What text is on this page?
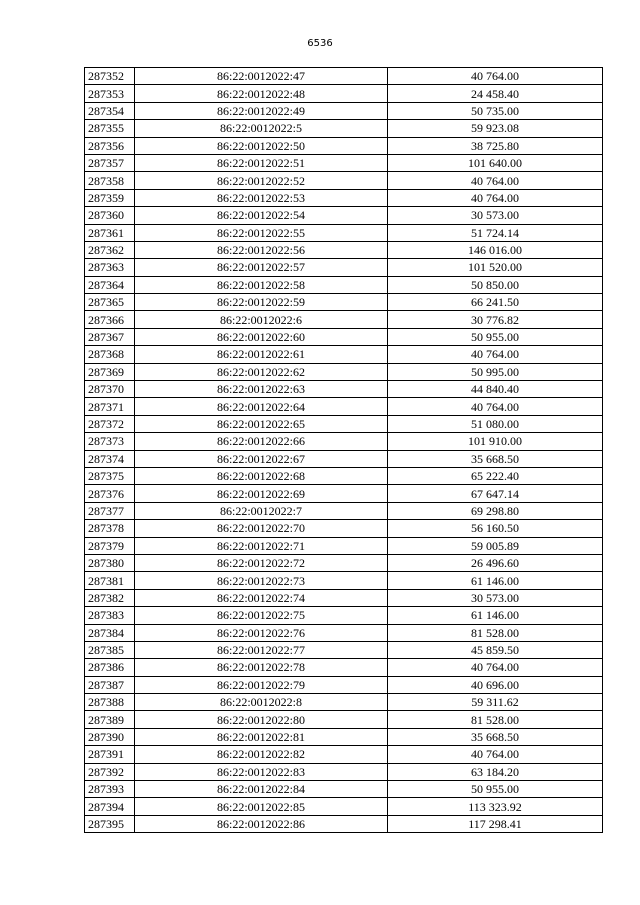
6536
287352	86:22:0012022:47	40 764.00
287353	86:22:0012022:48	24 458.40
287354	86:22:0012022:49	50 735.00
287355	86:22:0012022:5	59 923.08
287356	86:22:0012022:50	38 725.80
287357	86:22:0012022:51	101 640.00
287358	86:22:0012022:52	40 764.00
287359	86:22:0012022:53	40 764.00
287360	86:22:0012022:54	30 573.00
287361	86:22:0012022:55	51 724.14
287362	86:22:0012022:56	146 016.00
287363	86:22:0012022:57	101 520.00
287364	86:22:0012022:58	50 850.00
287365	86:22:0012022:59	66 241.50
287366	86:22:0012022:6	30 776.82
287367	86:22:0012022:60	50 955.00
287368	86:22:0012022:61	40 764.00
287369	86:22:0012022:62	50 995.00
287370	86:22:0012022:63	44 840.40
287371	86:22:0012022:64	40 764.00
287372	86:22:0012022:65	51 080.00
287373	86:22:0012022:66	101 910.00
287374	86:22:0012022:67	35 668.50
287375	86:22:0012022:68	65 222.40
287376	86:22:0012022:69	67 647.14
287377	86:22:0012022:7	69 298.80
287378	86:22:0012022:70	56 160.50
287379	86:22:0012022:71	59 005.89
287380	86:22:0012022:72	26 496.60
287381	86:22:0012022:73	61 146.00
287382	86:22:0012022:74	30 573.00
287383	86:22:0012022:75	61 146.00
287384	86:22:0012022:76	81 528.00
287385	86:22:0012022:77	45 859.50
287386	86:22:0012022:78	40 764.00
287387	86:22:0012022:79	40 696.00
287388	86:22:0012022:8	59 311.62
287389	86:22:0012022:80	81 528.00
287390	86:22:0012022:81	35 668.50
287391	86:22:0012022:82	40 764.00
287392	86:22:0012022:83	63 184.20
287393	86:22:0012022:84	50 955.00
287394	86:22:0012022:85	113 323.92
287395	86:22:0012022:86	117 298.41
